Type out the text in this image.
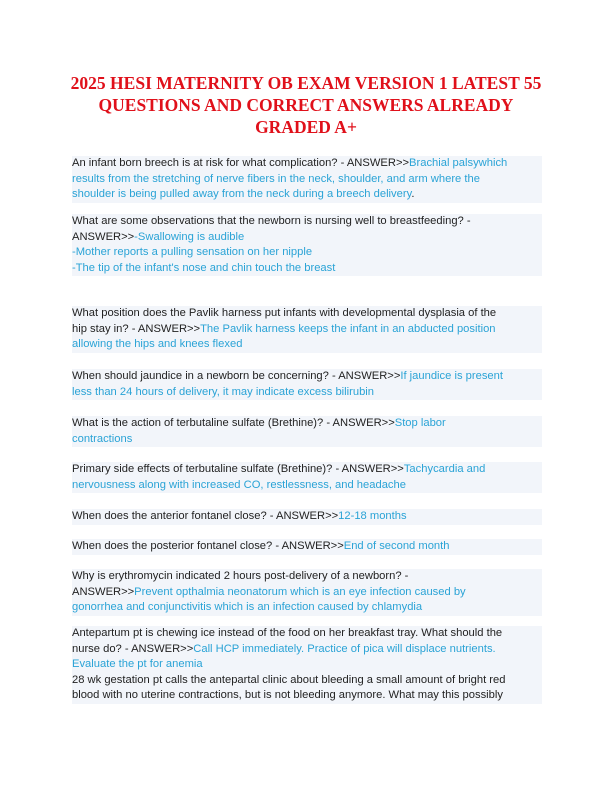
2025 HESI MATERNITY OB EXAM VERSION 1 LATEST 55
QUESTIONS AND CORRECT ANSWERS ALREADY
GRADED A+
An infant born breech is at risk for what complication? - ANSWER>>Brachial palsywhich
results from the stretching of nerve fibers in the neck, shoulder, and arm where the
shoulder is being pulled away from the neck during a breech delivery.
What are some observations that the newborn is nursing well to breastfeeding? -
ANSWER>>-Swallowing is audible
-Mother reports a pulling sensation on her nipple
-The tip of the infant's nose and chin touch the breast
What position does the Pavlik harness put infants with developmental dysplasia of the
hip stay in? - ANSWER>>The Pavlik harness keeps the infant in an abducted position
allowing the hips and knees flexed
When should jaundice in a newborn be concerning? - ANSWER>>If jaundice is present
less than 24 hours of delivery, it may indicate excess bilirubin
What is the action of terbutaline sulfate (Brethine)? - ANSWER>>Stop labor
contractions
Primary side effects of terbutaline sulfate (Brethine)? - ANSWER>>Tachycardia and
nervousness along with increased CO, restlessness, and headache
When does the anterior fontanel close? - ANSWER>>12-18 months
When does the posterior fontanel close? - ANSWER>>End of second month
Why is erythromycin indicated 2 hours post-delivery of a newborn? -
ANSWER>>Prevent opthalmia neonatorum which is an eye infection caused by
gonorrhea and conjunctivitis which is an infection caused by chlamydia
Antepartum pt is chewing ice instead of the food on her breakfast tray. What should the
nurse do? - ANSWER>>Call HCP immediately. Practice of pica will displace nutrients.
Evaluate the pt for anemia
28 wk gestation pt calls the antepartal clinic about bleeding a small amount of bright red
blood with no uterine contractions, but is not bleeding anymore. What may this possibly
